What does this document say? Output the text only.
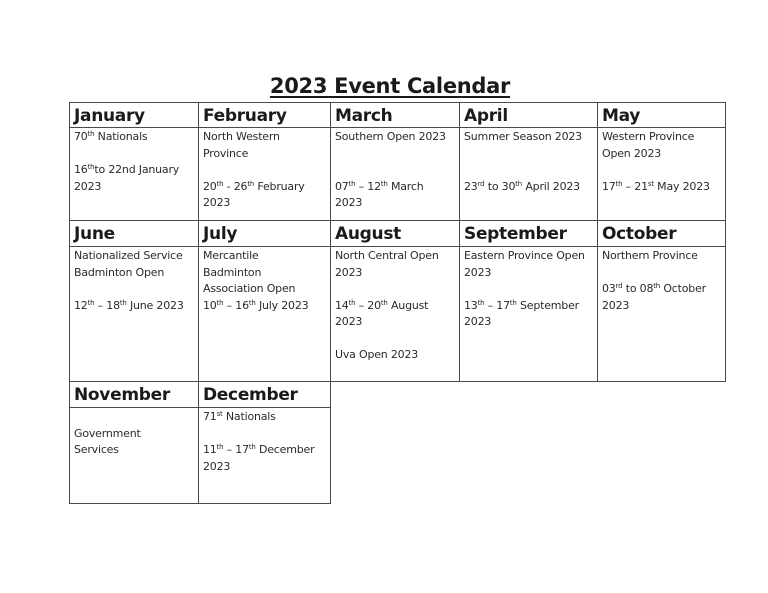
2023 Event Calendar
January
70th Nationals
16thto 22nd January
2023
February
North Western
Province
20th - 26th February
2023
March
Southern Open 2023
07th – 12th March
2023
April
Summer Season 2023
23rd to 30th April 2023
May
Western Province
Open 2023
17th – 21st May 2023
June
Nationalized Service
Badminton Open
12th – 18th June 2023
July
Mercantile
Badminton
Association Open
10th – 16th July 2023
August
North Central Open
2023
14th – 20th August
2023
Uva Open 2023
September
Eastern Province Open
2023
13th – 17th September
2023
October
Northern Province
03rd to 08th October
2023
November
Government
Services
December
71st Nationals
11th – 17th December
2023
